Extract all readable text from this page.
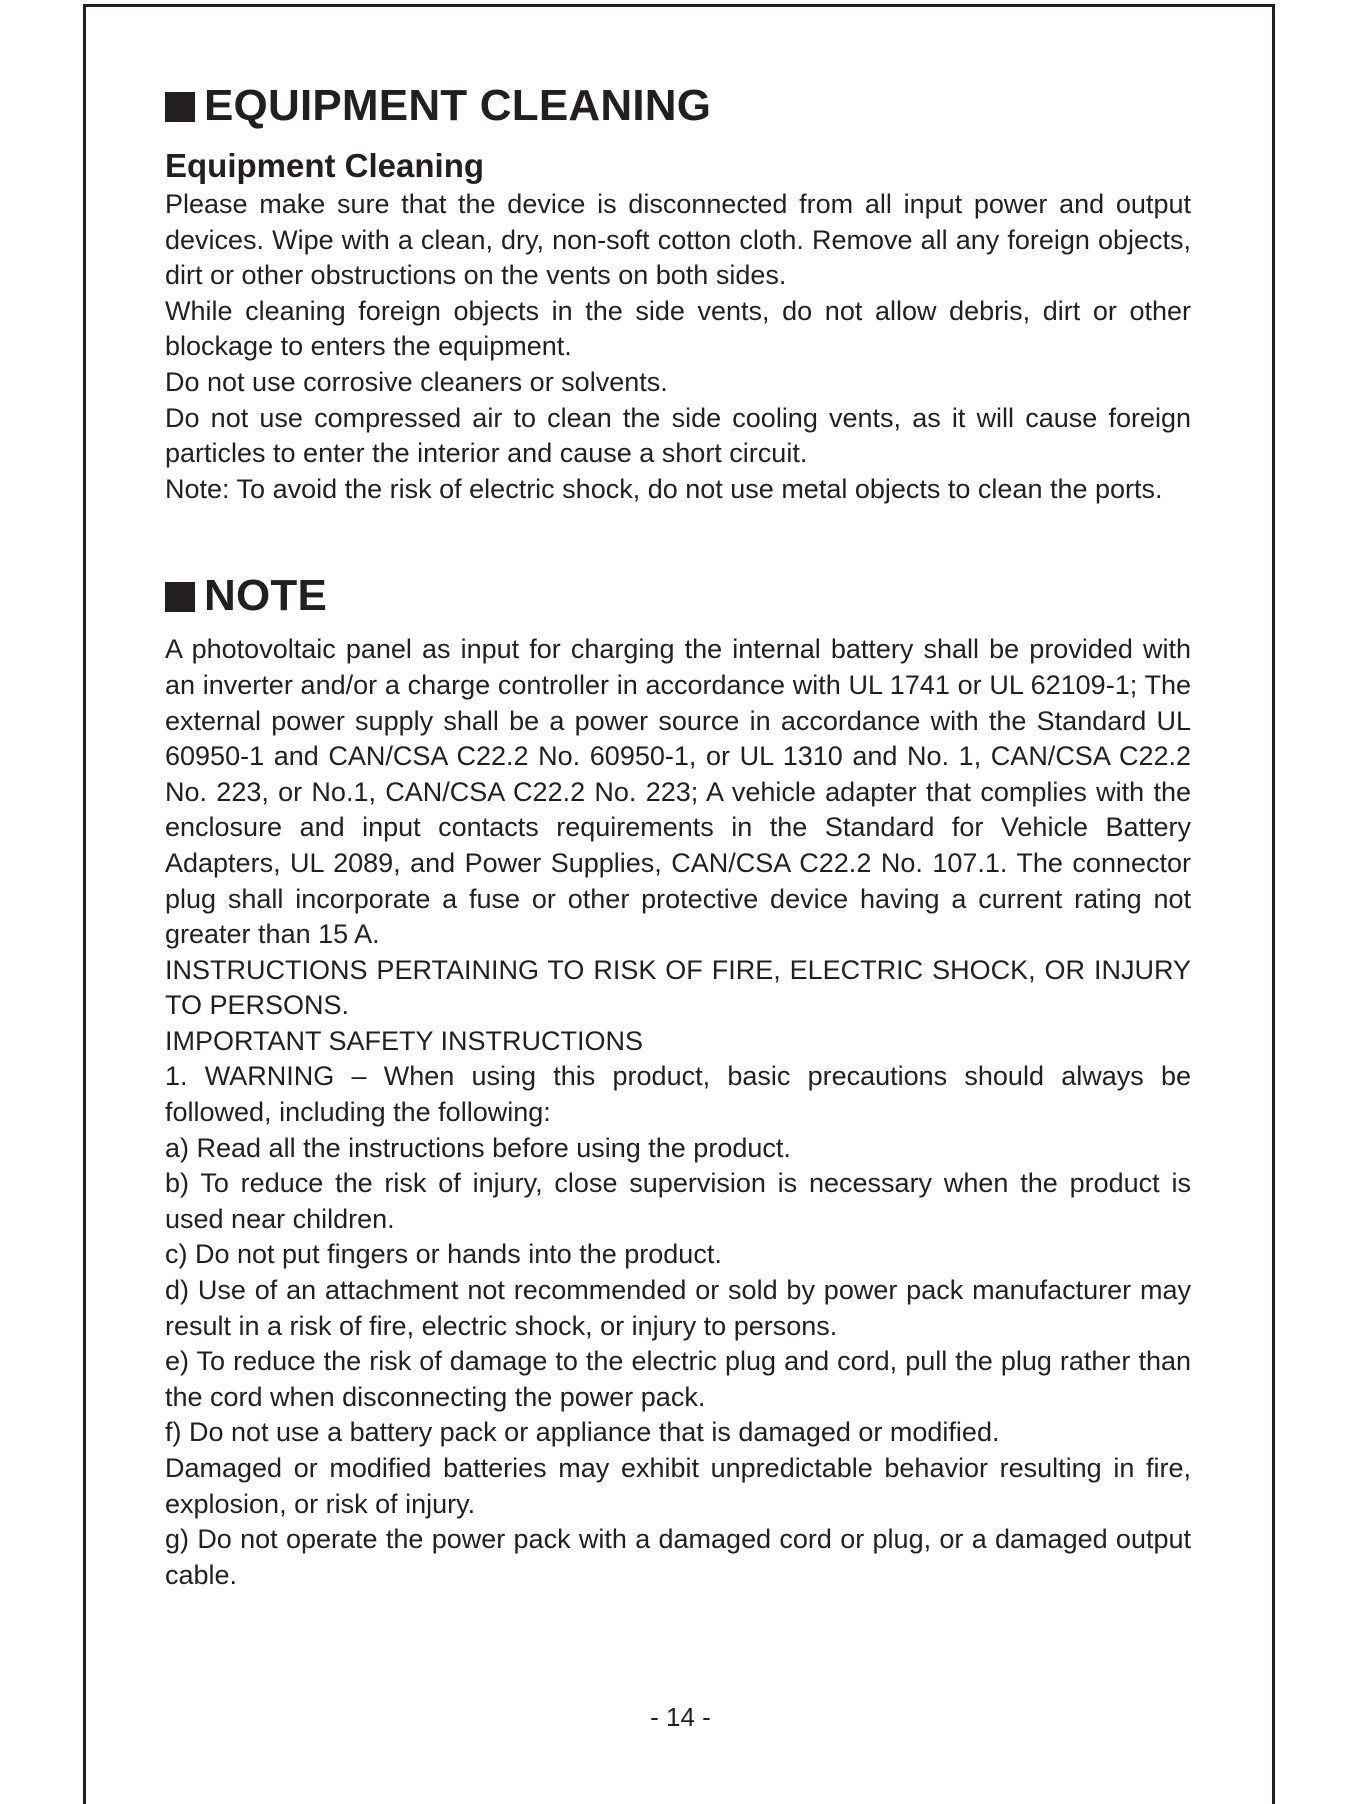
EQUIPMENT CLEANING
Equipment Cleaning

Please make sure that the device is disconnected from all input power and output devices. Wipe with a clean, dry, non-soft cotton cloth. Remove all any foreign objects, dirt or other obstructions on the vents on both sides.

While cleaning foreign objects in the side vents, do not allow debris, dirt or other blockage to enters the equipment.

Do not use corrosive cleaners or solvents.

Do not use compressed air to clean the side cooling vents, as it will cause foreign particles to enter the interior and cause a short circuit.

Note: To avoid the risk of electric shock, do not use metal objects to clean the ports.

NOTE

A photovoltaic panel as input for charging the internal battery shall be provided with an inverter and/or a charge controller in accordance with UL 1741 or UL 62109-1; The external power supply shall be a power source in accordance with the Standard UL 60950-1 and CAN/CSA C22.2 No. 60950-1, or UL 1310 and No. 1, CAN/CSA C22.2 No. 223, or No.1, CAN/CSA C22.2 No. 223; A vehicle adapter that complies with the enclosure and input contacts requirements in the Standard for Vehicle Battery Adapters, UL 2089, and Power Supplies, CAN/CSA C22.2 No. 107.1. The connector plug shall incorporate a fuse or other protective device having a current rating not greater than 15 A.

INSTRUCTIONS PERTAINING TO RISK OF FIRE, ELECTRIC SHOCK, OR INJURY TO PERSONS.

IMPORTANT SAFETY INSTRUCTIONS

1. WARNING – When using this product, basic precautions should always be followed, including the following:

a) Read all the instructions before using the product.

b) To reduce the risk of injury, close supervision is necessary when the product is used near children.

c) Do not put fingers or hands into the product.

d) Use of an attachment not recommended or sold by power pack manufacturer may result in a risk of fire, electric shock, or injury to persons.

e) To reduce the risk of damage to the electric plug and cord, pull the plug rather than the cord when disconnecting the power pack.

f) Do not use a battery pack or appliance that is damaged or modified.

Damaged or modified batteries may exhibit unpredictable behavior resulting in fire, explosion, or risk of injury.

g) Do not operate the power pack with a damaged cord or plug, or a damaged output cable.

- 14 -
